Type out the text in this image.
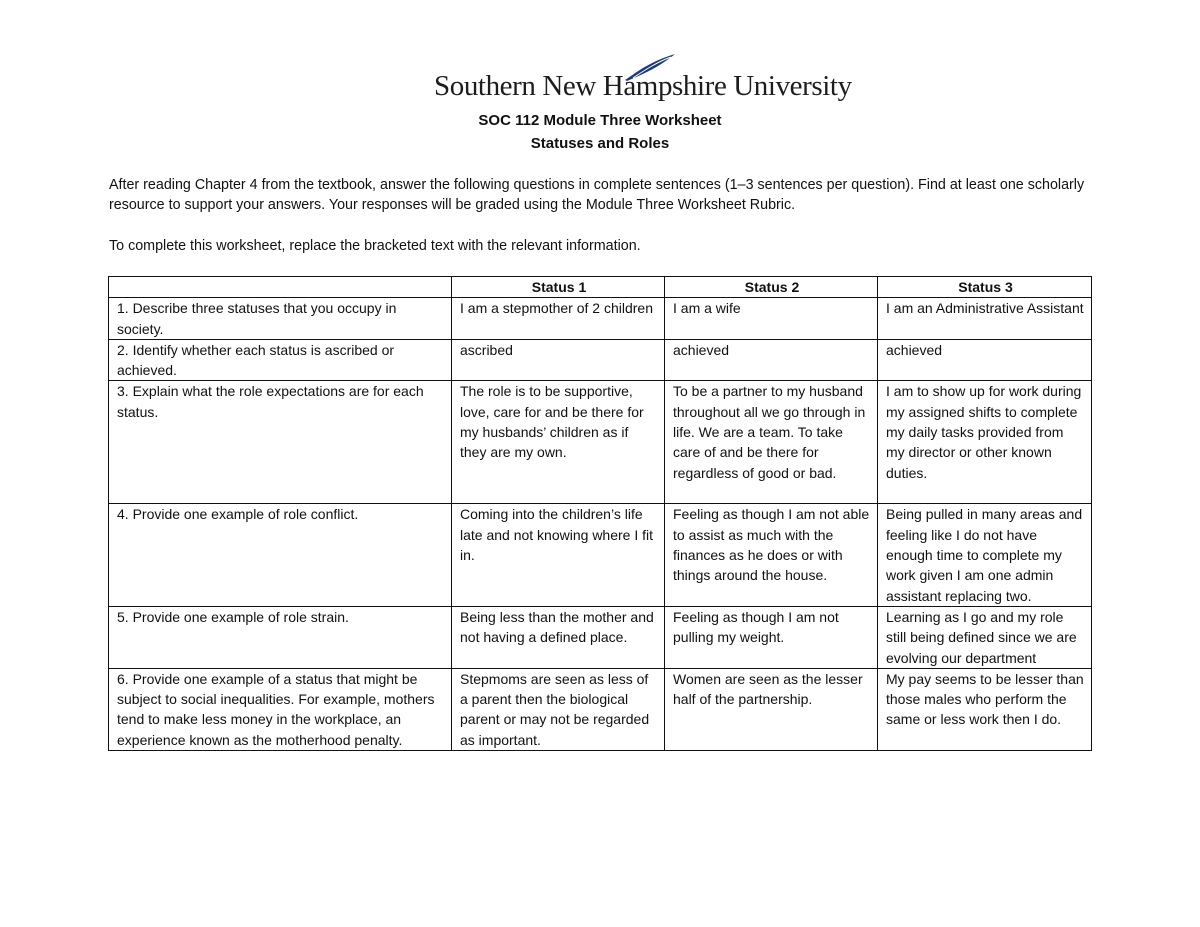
Southern New Hampshire University
SOC 112 Module Three Worksheet
Statuses and Roles
After reading Chapter 4 from the textbook, answer the following questions in complete sentences (1–3 sentences per question). Find at least one scholarly resource to support your answers. Your responses will be graded using the Module Three Worksheet Rubric.
To complete this worksheet, replace the bracketed text with the relevant information.
	Status 1	Status 2	Status 3
1. Describe three statuses that you occupy in society.	I am a stepmother of 2 children	I am a wife	I am an Administrative Assistant
2. Identify whether each status is ascribed or achieved.	ascribed	achieved	achieved
3. Explain what the role expectations are for each status.	The role is to be supportive, love, care for and be there for my husbands’ children as if they are my own.	To be a partner to my husband throughout all we go through in life. We are a team. To take care of and be there for regardless of good or bad.	I am to show up for work during my assigned shifts to complete my daily tasks provided from my director or other known duties.
4. Provide one example of role conflict.	Coming into the children’s life late and not knowing where I fit in.	Feeling as though I am not able to assist as much with the finances as he does or with things around the house.	Being pulled in many areas and feeling like I do not have enough time to complete my work given I am one admin assistant replacing two.
5. Provide one example of role strain.	Being less than the mother and not having a defined place.	Feeling as though I am not pulling my weight.	Learning as I go and my role still being defined since we are evolving our department
6. Provide one example of a status that might be subject to social inequalities. For example, mothers tend to make less money in the workplace, an experience known as the motherhood penalty.	Stepmoms are seen as less of a parent then the biological parent or may not be regarded as important.	Women are seen as the lesser half of the partnership.	My pay seems to be lesser than those males who perform the same or less work then I do.
